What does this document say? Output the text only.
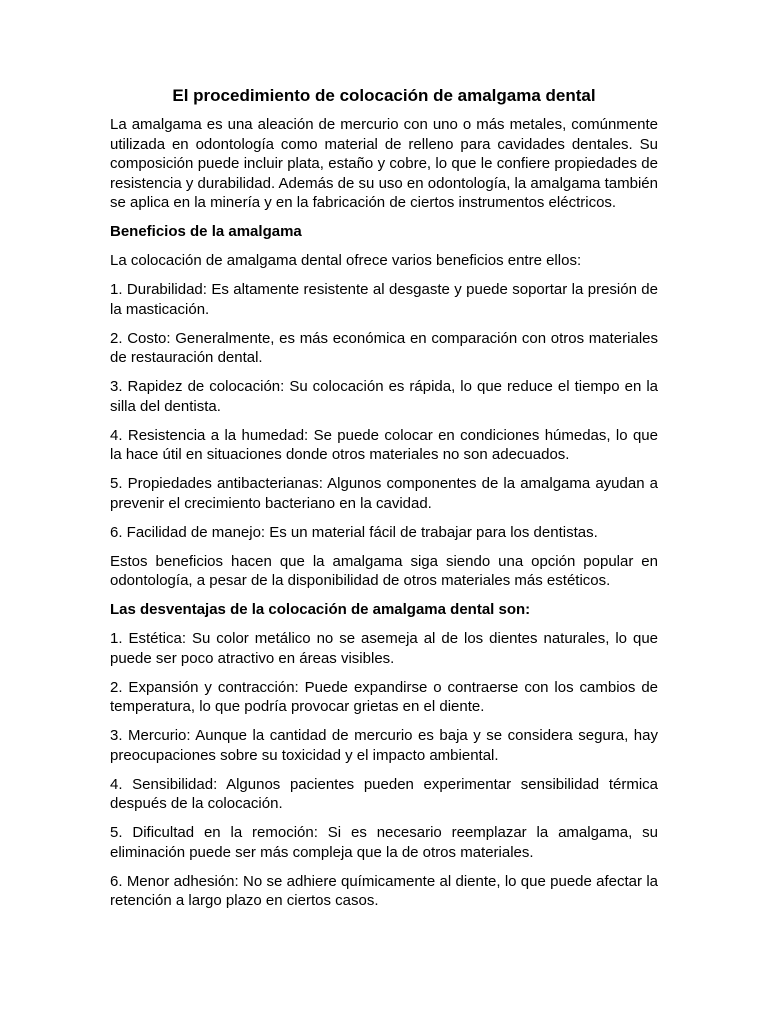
El procedimiento de colocación de amalgama dental

La amalgama es una aleación de mercurio con uno o más metales, comúnmente utilizada en odontología como material de relleno para cavidades dentales. Su composición puede incluir plata, estaño y cobre, lo que le confiere propiedades de resistencia y durabilidad. Además de su uso en odontología, la amalgama también se aplica en la minería y en la fabricación de ciertos instrumentos eléctricos.

Beneficios de la amalgama

La colocación de amalgama dental ofrece varios beneficios entre ellos:

1. Durabilidad: Es altamente resistente al desgaste y puede soportar la presión de la masticación.

2. Costo: Generalmente, es más económica en comparación con otros materiales de restauración dental.

3. Rapidez de colocación: Su colocación es rápida, lo que reduce el tiempo en la silla del dentista.

4. Resistencia a la humedad: Se puede colocar en condiciones húmedas, lo que la hace útil en situaciones donde otros materiales no son adecuados.

5. Propiedades antibacterianas: Algunos componentes de la amalgama ayudan a prevenir el crecimiento bacteriano en la cavidad.

6. Facilidad de manejo: Es un material fácil de trabajar para los dentistas.

Estos beneficios hacen que la amalgama siga siendo una opción popular en odontología, a pesar de la disponibilidad de otros materiales más estéticos.

Las desventajas de la colocación de amalgama dental son:

1. Estética: Su color metálico no se asemeja al de los dientes naturales, lo que puede ser poco atractivo en áreas visibles.

2. Expansión y contracción: Puede expandirse o contraerse con los cambios de temperatura, lo que podría provocar grietas en el diente.

3. Mercurio: Aunque la cantidad de mercurio es baja y se considera segura, hay preocupaciones sobre su toxicidad y el impacto ambiental.

4. Sensibilidad: Algunos pacientes pueden experimentar sensibilidad térmica después de la colocación.

5. Dificultad en la remoción: Si es necesario reemplazar la amalgama, su eliminación puede ser más compleja que la de otros materiales.

6. Menor adhesión: No se adhiere químicamente al diente, lo que puede afectar la retención a largo plazo en ciertos casos.
